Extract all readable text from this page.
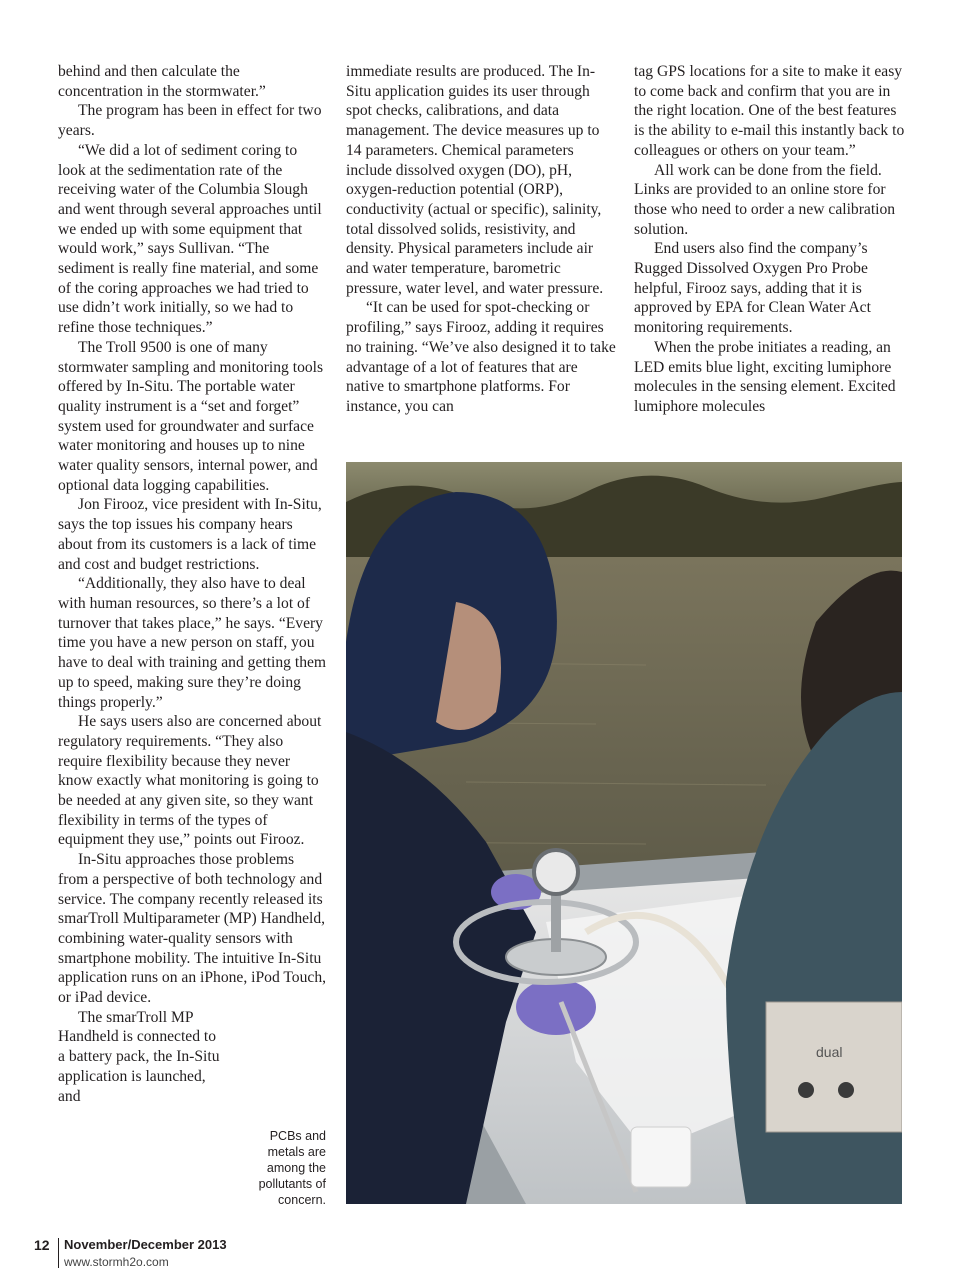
behind and then calculate the concentration in the stormwater.”

The program has been in effect for two years.

“We did a lot of sediment coring to look at the sedimentation rate of the receiving water of the Columbia Slough and went through several approaches until we ended up with some equipment that would work,” says Sullivan. “The sediment is really fine material, and some of the coring approaches we had tried to use didn’t work initially, so we had to refine those techniques.”

The Troll 9500 is one of many stormwater sampling and monitoring tools offered by In-Situ. The portable water quality instrument is a “set and forget” system used for groundwater and surface water monitoring and houses up to nine water quality sensors, internal power, and optional data logging capabilities.

Jon Firooz, vice president with In-Situ, says the top issues his company hears about from its customers is a lack of time and cost and budget restrictions.

“Additionally, they also have to deal with human resources, so there’s a lot of turnover that takes place,” he says. “Every time you have a new person on staff, you have to deal with training and getting them up to speed, making sure they’re doing things properly.”

He says users also are concerned about regulatory requirements. “They also require flexibility because they never know exactly what monitoring is going to be needed at any given site, so they want flexibility in terms of the types of equipment they use,” points out Firooz.

In-Situ approaches those problems from a perspective of both technology and service. The company recently released its smarTroll Multiparameter (MP) Handheld, combining water-quality sensors with smartphone mobility. The intuitive In-Situ application runs on an iPhone, iPod Touch, or iPad device.

The smarTroll MP Handheld is connected to a battery pack, the In-Situ application is launched, and

immediate results are produced. The In-Situ application guides its user through spot checks, calibrations, and data management. The device measures up to 14 parameters. Chemical parameters include dissolved oxygen (DO), pH, oxygen-reduction potential (ORP), conductivity (actual or specific), salinity, total dissolved solids, resistivity, and density. Physical parameters include air and water temperature, barometric pressure, water level, and water pressure.

“It can be used for spot-checking or profiling,” says Firooz, adding it requires no training. “We’ve also designed it to take advantage of a lot of features that are native to smartphone platforms. For instance, you can

tag GPS locations for a site to make it easy to come back and confirm that you are in the right location. One of the best features is the ability to e-mail this instantly back to colleagues or others on your team.”

All work can be done from the field. Links are provided to an online store for those who need to order a new calibration solution.

End users also find the company’s Rugged Dissolved Oxygen Pro Probe helpful, Firooz says, adding that it is approved by EPA for Clean Water Act monitoring requirements.

When the probe initiates a reading, an LED emits blue light, exciting lumiphore molecules in the sensing element. Excited lumiphore molecules

dual
PCBs and metals are among the pollutants of concern.
12 November/December 2013
www.stormh2o.com
